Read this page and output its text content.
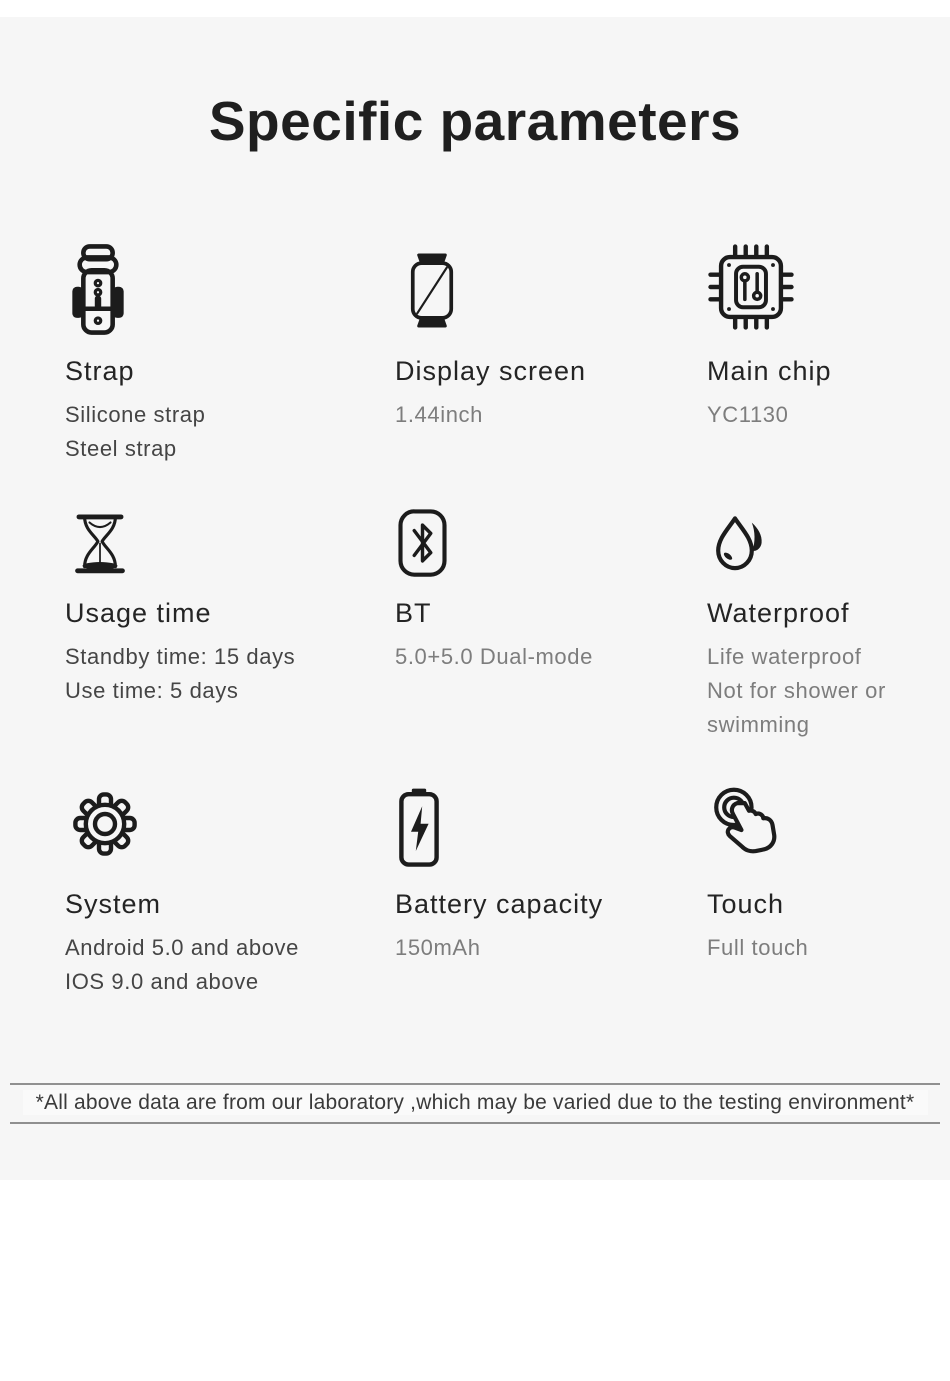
Specific parameters
Strap
Silicone strap
Steel strap
Display screen
1.44inch
Main chip
YC1130
Usage time
Standby time: 15 days
Use time: 5 days
BT
5.0+5.0 Dual-mode
Waterproof
Life waterproof
Not for shower or swimming
System
Android 5.0 and above
IOS 9.0 and above
Battery capacity
150mAh
Touch
Full touch
*All above data are from our laboratory ,which may be varied due to the testing environment*
